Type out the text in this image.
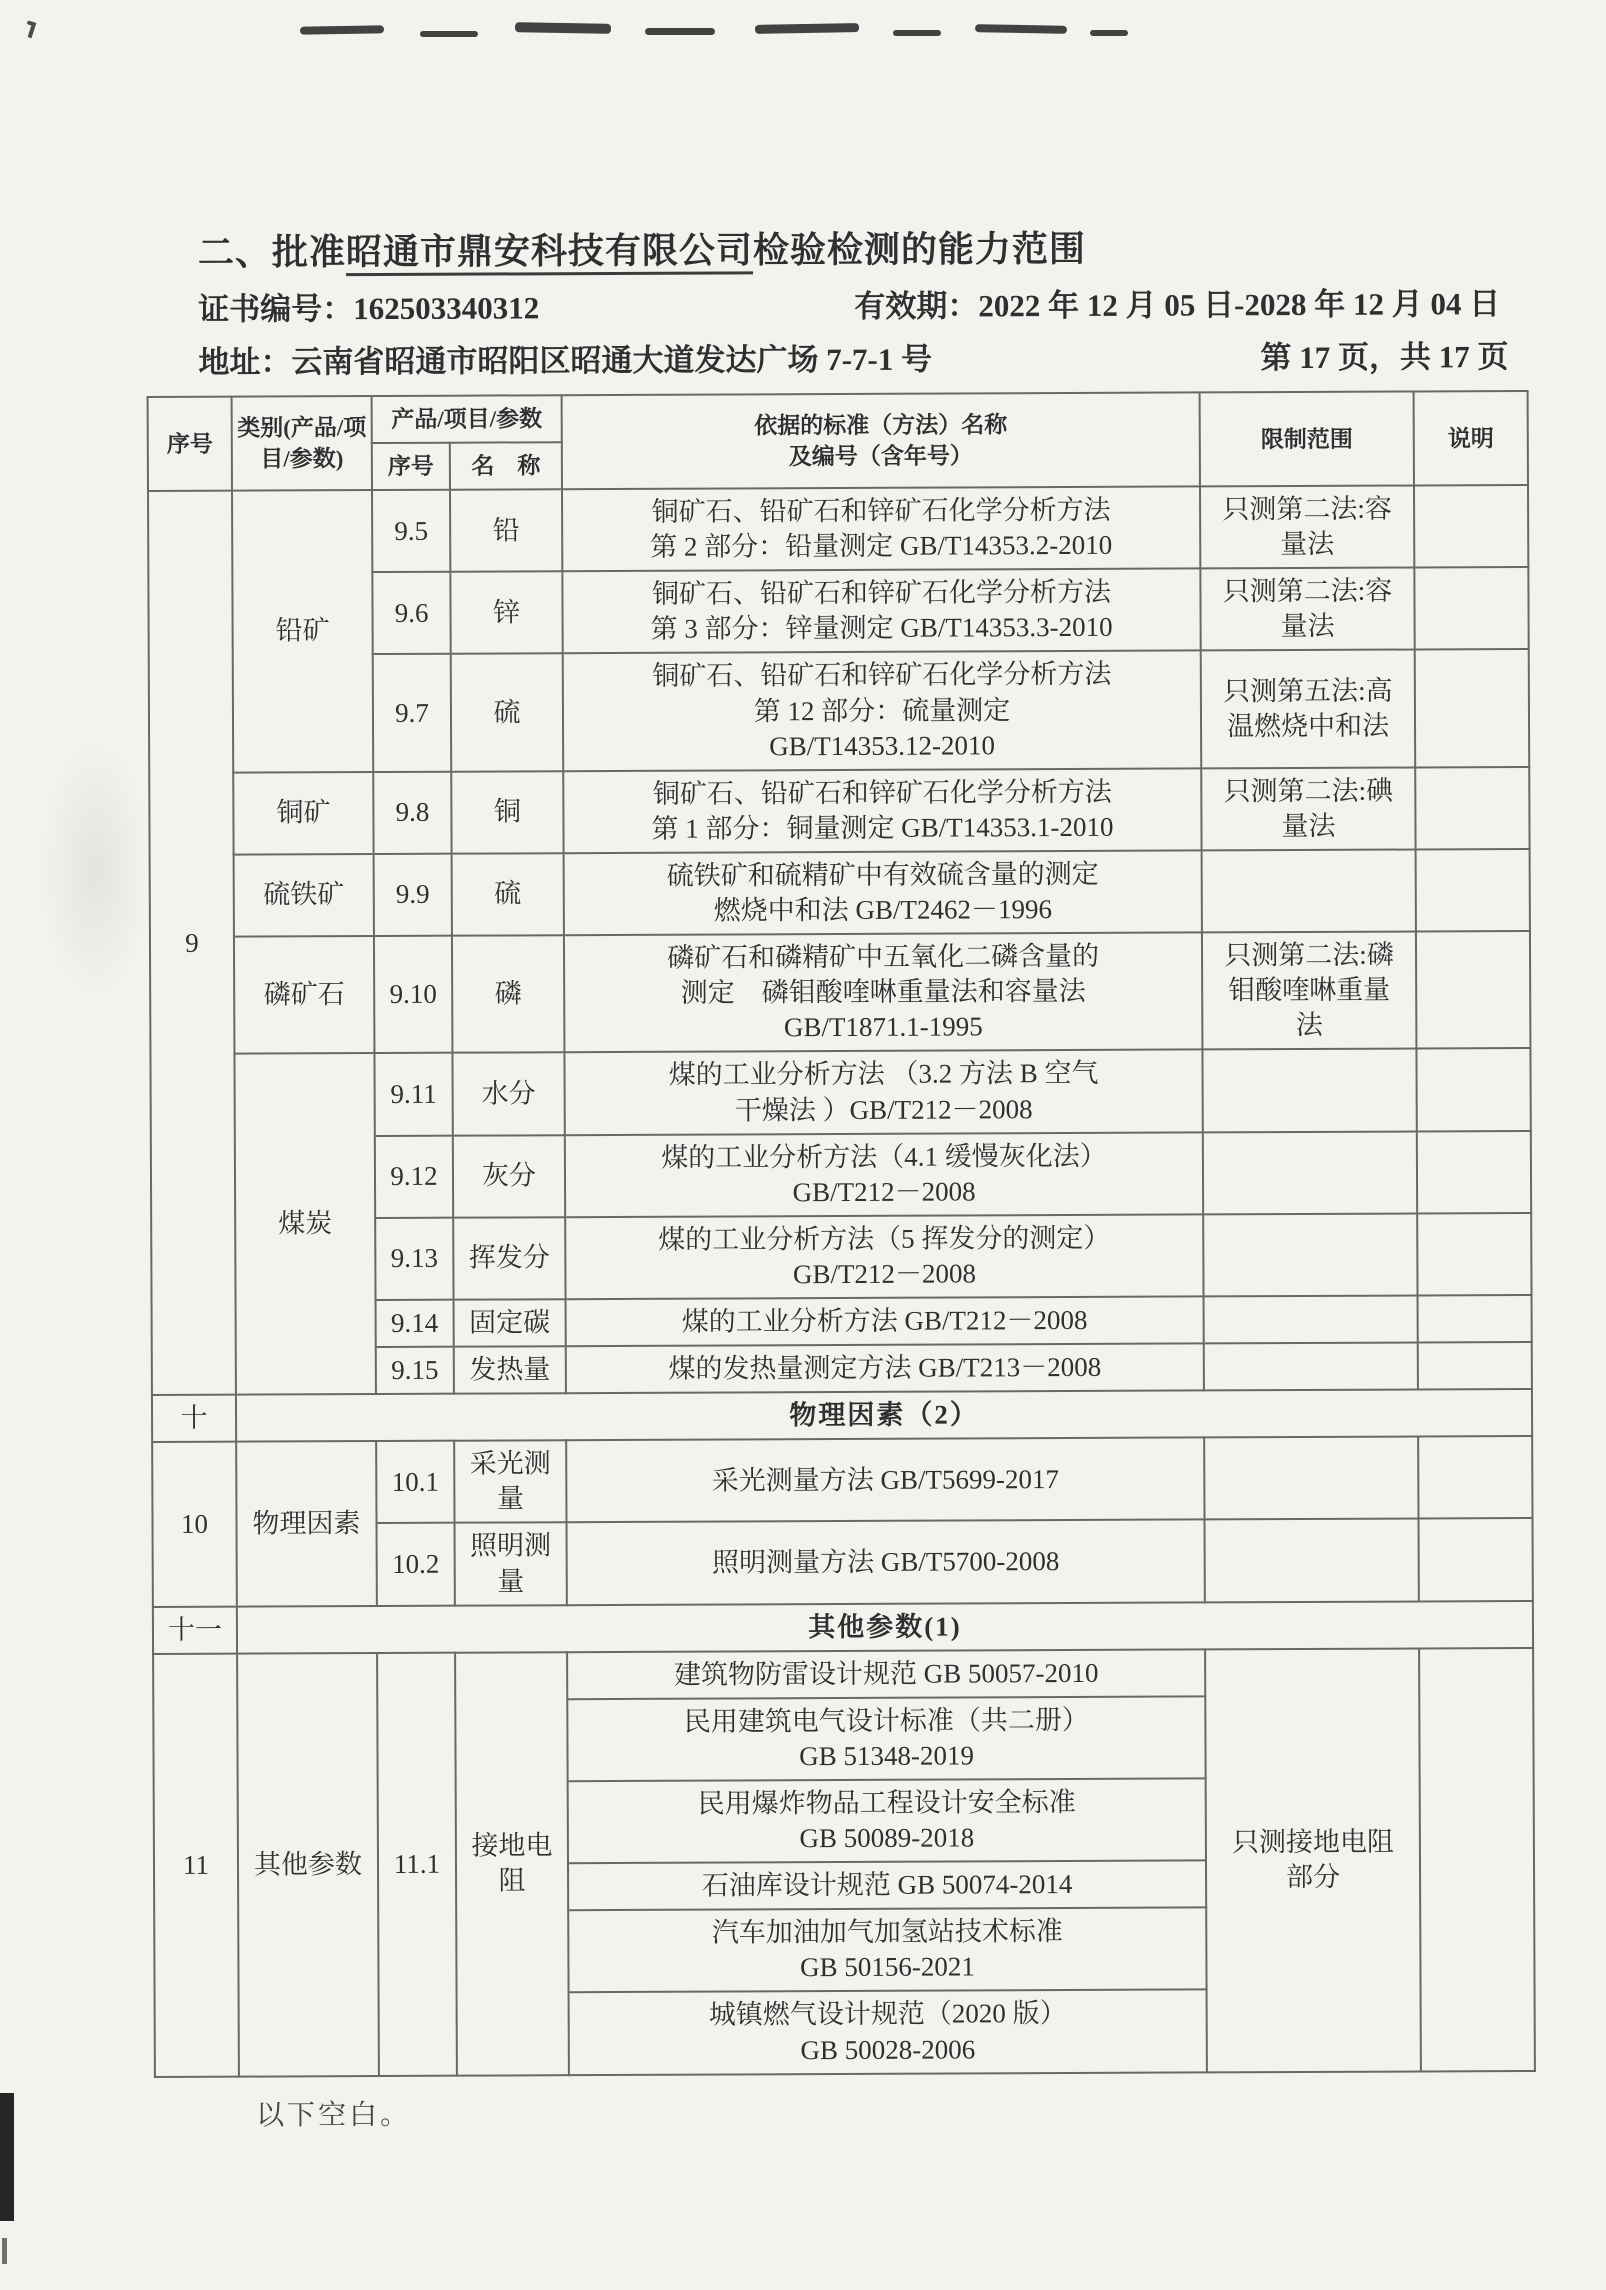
二、批准昭通市鼎安科技有限公司检验检测的能力范围
证书编号： 162503340312	有效期：2022 年 12 月 05 日-2028 年 12 月 04 日
地址： 云南省昭通市昭阳区昭通大道发达广场 7-7-1 号	第 17 页，共 17 页
序号	类别(产品/项
目/参数)	产品/项目/参数		依据的标准（方法）名称
及编号（含年号）	限制范围	说明
		序号	名　称			
9	铅矿	9.5	铅	铜矿石、铅矿石和锌矿石化学分析方法
第 2 部分：铅量测定 GB/T14353.2-2010	只测第二法:容
量法	
		9.6	锌	铜矿石、铅矿石和锌矿石化学分析方法
第 3 部分：锌量测定 GB/T14353.3-2010	只测第二法:容
量法	
		9.7	硫	铜矿石、铅矿石和锌矿石化学分析方法
第 12 部分：硫量测定
GB/T14353.12-2010	只测第五法:高
温燃烧中和法	
	铜矿	9.8	铜	铜矿石、铅矿石和锌矿石化学分析方法
第 1 部分：铜量测定 GB/T14353.1-2010	只测第二法:碘
量法	
	硫铁矿	9.9	硫	硫铁矿和硫精矿中有效硫含量的测定
燃烧中和法 GB/T2462－1996		
	磷矿石	9.10	磷	磷矿石和磷精矿中五氧化二磷含量的
测定　磷钼酸喹啉重量法和容量法
GB/T1871.1-1995	只测第二法:磷
钼酸喹啉重量
法	
	煤炭	9.11	水分	煤的工业分析方法 （3.2 方法 B 空气
干燥法 ）GB/T212－2008		
		9.12	灰分	煤的工业分析方法（4.1 缓慢灰化法）
GB/T212－2008		
		9.13	挥发分	煤的工业分析方法（5 挥发分的测定）
GB/T212－2008		
		9.14	固定碳	煤的工业分析方法 GB/T212－2008		
		9.15	发热量	煤的发热量测定方法 GB/T213－2008		
十	物理因素（2）					
10	物理因素	10.1	采光测量	采光测量方法 GB/T5699-2017		
		10.2	照明测量	照明测量方法 GB/T5700-2008		
十一	其他参数(1)					
11	其他参数	11.1	接地电阻	建筑物防雷设计规范 GB 50057-2010	只测接地电阻
部分	
				民用建筑电气设计标准（共二册）
GB 51348-2019		
				民用爆炸物品工程设计安全标准
GB 50089-2018		
				石油库设计规范 GB 50074-2014		
				汽车加油加气加氢站技术标准
GB 50156-2021		
				城镇燃气设计规范（2020 版）
GB 50028-2006		
以下空白。
